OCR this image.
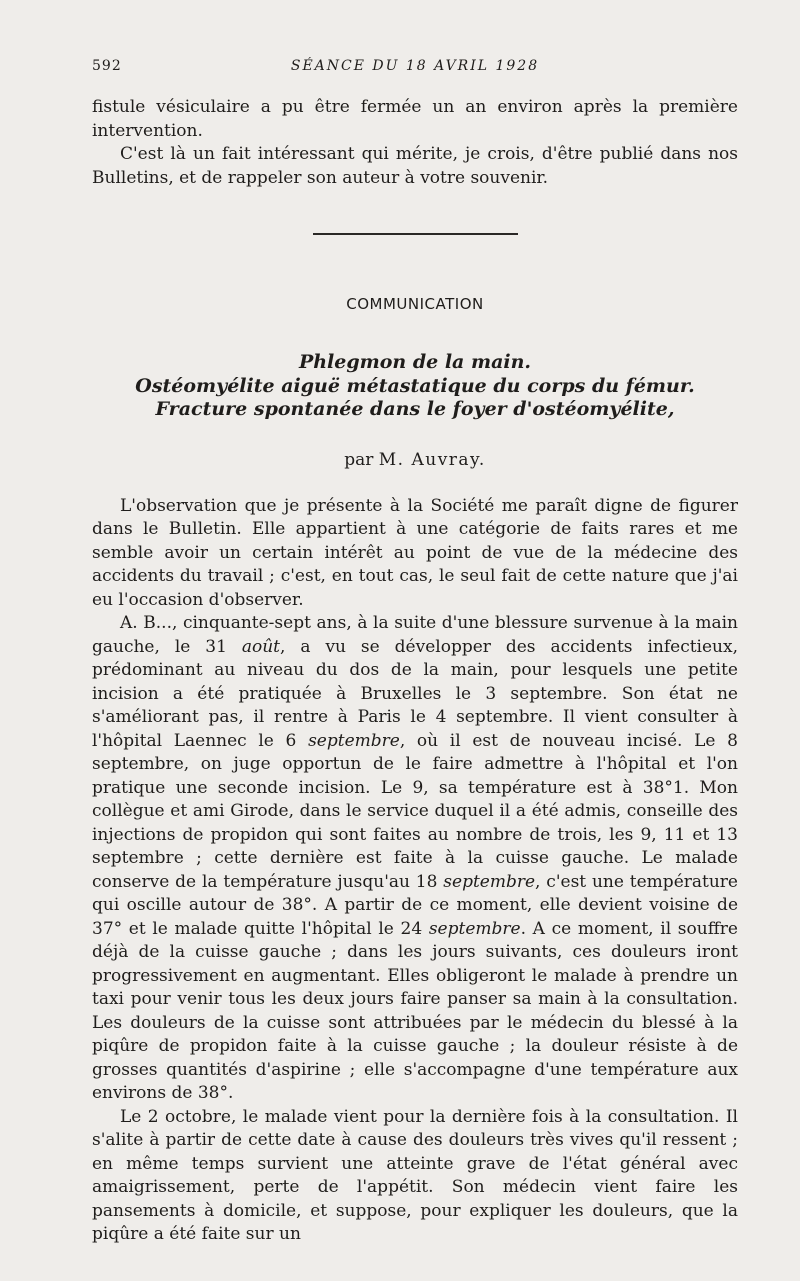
592	SÉANCE DU 18 AVRIL 1928

fistule vésiculaire a pu être fermée un an environ après la première intervention.

C'est là un fait intéressant qui mérite, je crois, d'être publié dans nos Bulletins, et de rappeler son auteur à votre souvenir.

COMMUNICATION
Phlegmon de la main.
Ostéomyélite aiguë métastatique du corps du fémur.
Fracture spontanée dans le foyer d'ostéomyélite,
par M. Auvray.

L'observation que je présente à la Société me paraît digne de figurer dans le Bulletin. Elle appartient à une catégorie de faits rares et me semble avoir un certain intérêt au point de vue de la médecine des accidents du travail ; c'est, en tout cas, le seul fait de cette nature que j'ai eu l'occasion d'observer.

A. B..., cinquante-sept ans, à la suite d'une blessure survenue à la main gauche, le 31 août, a vu se développer des accidents infectieux, prédominant au niveau du dos de la main, pour lesquels une petite incision a été pratiquée à Bruxelles le 3 septembre. Son état ne s'améliorant pas, il rentre à Paris le 4 septembre. Il vient consulter à l'hôpital Laennec le 6 septembre, où il est de nouveau incisé. Le 8 septembre, on juge opportun de le faire admettre à l'hôpital et l'on pratique une seconde incision. Le 9, sa température est à 38°1. Mon collègue et ami Girode, dans le service duquel il a été admis, conseille des injections de propidon qui sont faites au nombre de trois, les 9, 11 et 13 septembre ; cette dernière est faite à la cuisse gauche. Le malade conserve de la température jusqu'au 18 septembre, c'est une température qui oscille autour de 38°. A partir de ce moment, elle devient voisine de 37° et le malade quitte l'hôpital le 24 septembre. A ce moment, il souffre déjà de la cuisse gauche ; dans les jours suivants, ces douleurs iront progressivement en augmentant. Elles obligeront le malade à prendre un taxi pour venir tous les deux jours faire panser sa main à la consultation. Les douleurs de la cuisse sont attribuées par le médecin du blessé à la piqûre de propidon faite à la cuisse gauche ; la douleur résiste à de grosses quantités d'aspirine ; elle s'accompagne d'une température aux environs de 38°.

Le 2 octobre, le malade vient pour la dernière fois à la consultation. Il s'alite à partir de cette date à cause des douleurs très vives qu'il ressent ; en même temps survient une atteinte grave de l'état général avec amaigrissement, perte de l'appétit. Son médecin vient faire les pansements à domicile, et suppose, pour expliquer les douleurs, que la piqûre a été faite sur un
